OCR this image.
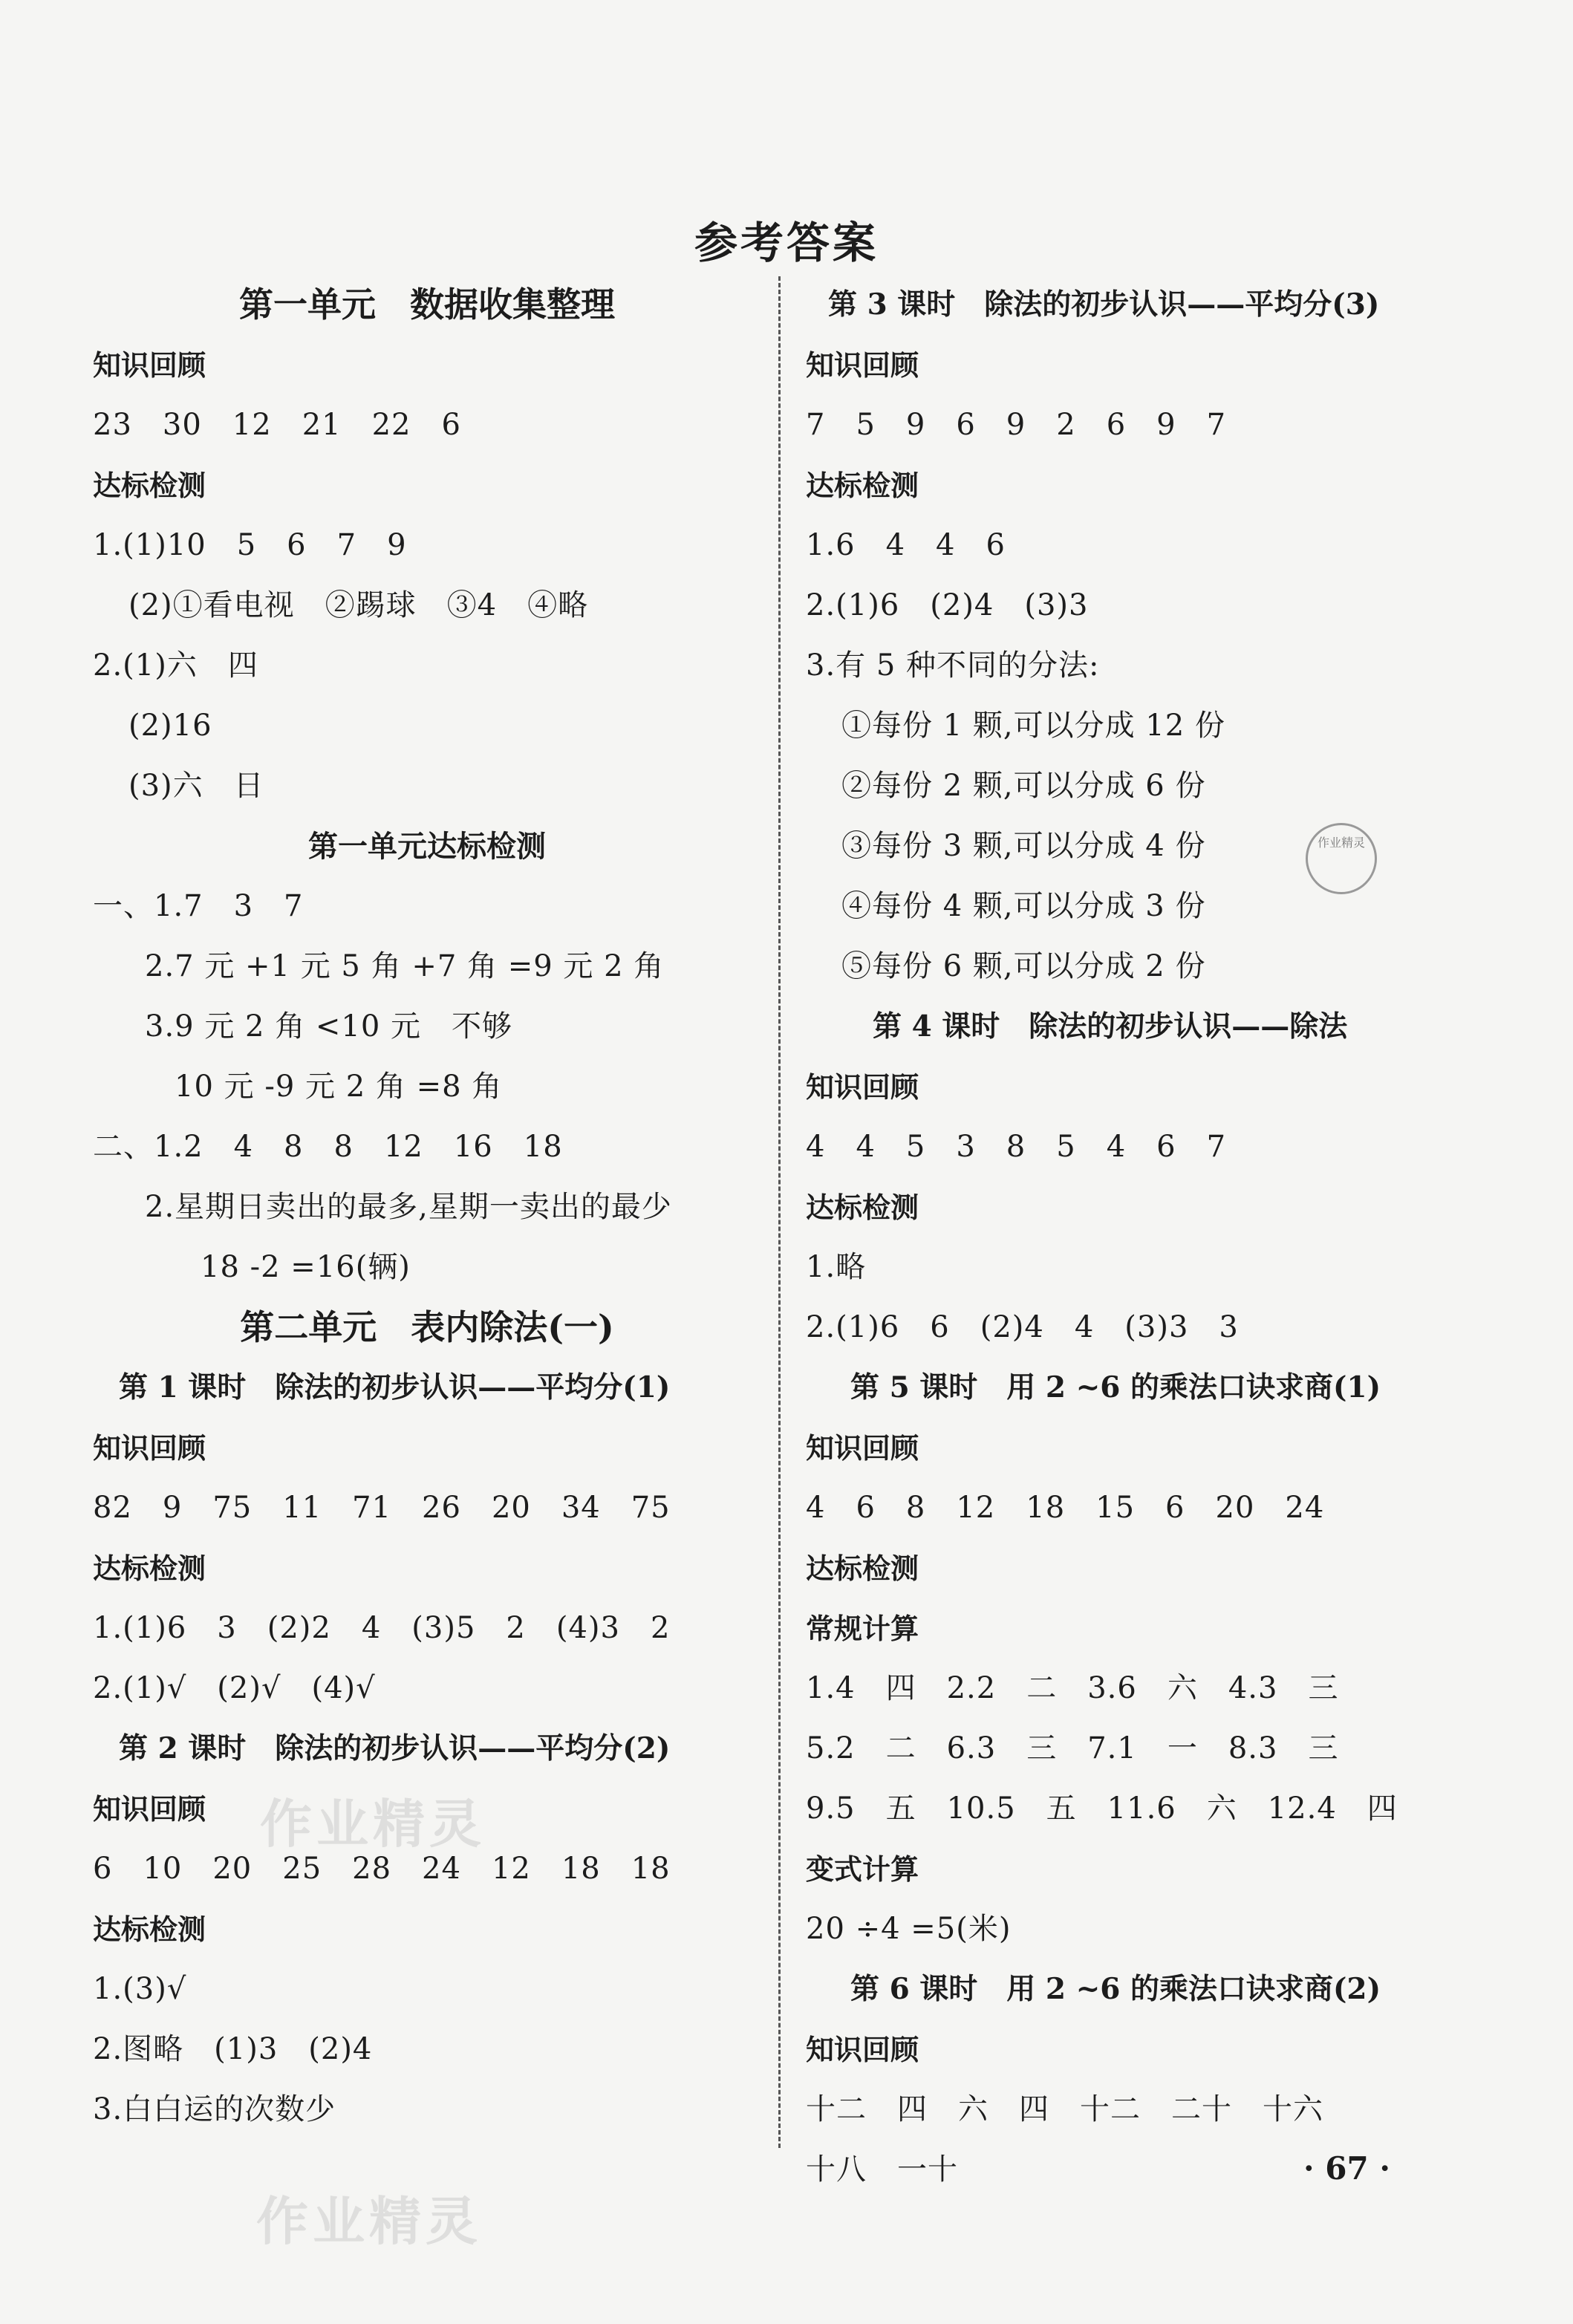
参考答案
第一单元　数据收集整理
知识回顾
23　30　12　21　22　6
达标检测
1.(1)10　5　6　7　9
(2)①看电视　②踢球　③4　④略
2.(1)六　四
(2)16
(3)六　日
第一单元达标检测
一、1.7　3　7
2.7 元 +1 元 5 角 +7 角 =9 元 2 角
3.9 元 2 角 <10 元　不够
10 元 -9 元 2 角 =8 角
二、1.2　4　8　8　12　16　18
2.星期日卖出的最多,星期一卖出的最少
18 -2 =16(辆)
第二单元　表内除法(一)
第 1 课时　除法的初步认识——平均分(1)
知识回顾
82　9　75　11　71　26　20　34　75
达标检测
1.(1)6　3　(2)2　4　(3)5　2　(4)3　2
2.(1)√　(2)√　(4)√
第 2 课时　除法的初步认识——平均分(2)
知识回顾
6　10　20　25　28　24　12　18　18
达标检测
1.(3)√
2.图略　(1)3　(2)4
3.白白运的次数少
第 3 课时　除法的初步认识——平均分(3)
知识回顾
7　5　9　6　9　2　6　9　7
达标检测
1.6　4　4　6
2.(1)6　(2)4　(3)3
3.有 5 种不同的分法:
①每份 1 颗,可以分成 12 份
②每份 2 颗,可以分成 6 份
③每份 3 颗,可以分成 4 份
④每份 4 颗,可以分成 3 份
⑤每份 6 颗,可以分成 2 份
第 4 课时　除法的初步认识——除法
知识回顾
4　4　5　3　8　5　4　6　7
达标检测
1.略
2.(1)6　6　(2)4　4　(3)3　3
第 5 课时　用 2 ~6 的乘法口诀求商(1)
知识回顾
4　6　8　12　18　15　6　20　24
达标检测
常规计算
1.4　四　2.2　二　3.6　六　4.3　三
5.2　二　6.3　三　7.1　一　8.3　三
9.5　五　10.5　五　11.6　六　12.4　四
变式计算
20 ÷4 =5(米)
第 6 课时　用 2 ~6 的乘法口诀求商(2)
知识回顾
十二　四　六　四　十二　二十　十六
十八　一十
作业精灵
作业精灵
作业精灵
· 67 ·
